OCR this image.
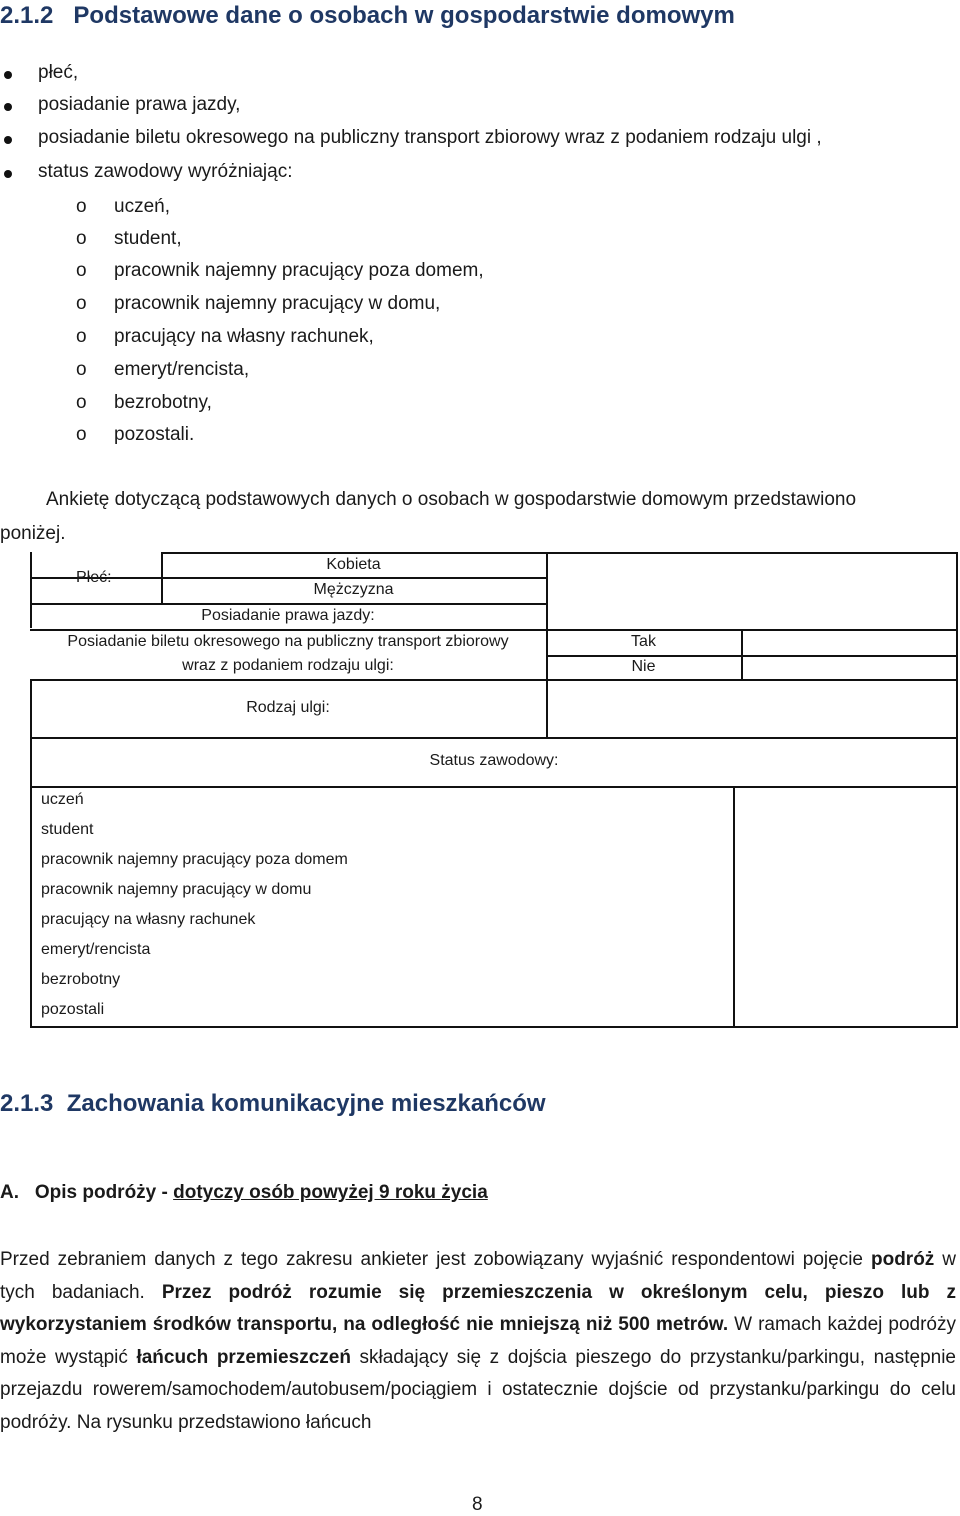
2.1.2 Podstawowe dane o osobach w gospodarstwie domowym
płeć,
posiadanie prawa jazdy,
posiadanie biletu okresowego na publiczny transport zbiorowy wraz z podaniem rodzaju ulgi ,
status zawodowy wyróżniając:
o uczeń,
o student,
o pracownik najemny pracujący poza domem,
o pracownik najemny pracujący w domu,
o pracujący na własny rachunek,
o emeryt/rencista,
o bezrobotny,
o pozostali.
Ankietę dotyczącą podstawowych danych o osobach w gospodarstwie domowym przedstawiono
poniżej.
Płeć:
Kobieta
Mężczyzna
Posiadanie prawa jazdy:
Posiadanie biletu okresowego na publiczny transport zbiorowy
wraz z podaniem rodzaju ulgi:
Tak
Nie
Rodzaj ulgi:
Status zawodowy:
uczeń
student
pracownik najemny pracujący poza domem
pracownik najemny pracujący w domu
pracujący na własny rachunek
emeryt/rencista
bezrobotny
pozostali
2.1.3 Zachowania komunikacyjne mieszkańców
A. Opis podróży - dotyczy osób powyżej 9 roku życia
Przed zebraniem danych z tego zakresu ankieter jest zobowiązany wyjaśnić respondentowi pojęcie podróż w tych badaniach. Przez podróż rozumie się przemieszczenia w określonym celu, pieszo lub z wykorzystaniem środków transportu, na odległość nie mniejszą niż 500 metrów. W ramach każdej podróży może wystąpić łańcuch przemieszczeń składający się z dojścia pieszego do przystanku/parkingu, następnie przejazdu rowerem/samochodem/autobusem/pociągiem i ostatecznie dojście od przystanku/parkingu do celu podróży. Na rysunku przedstawiono łańcuch
8
